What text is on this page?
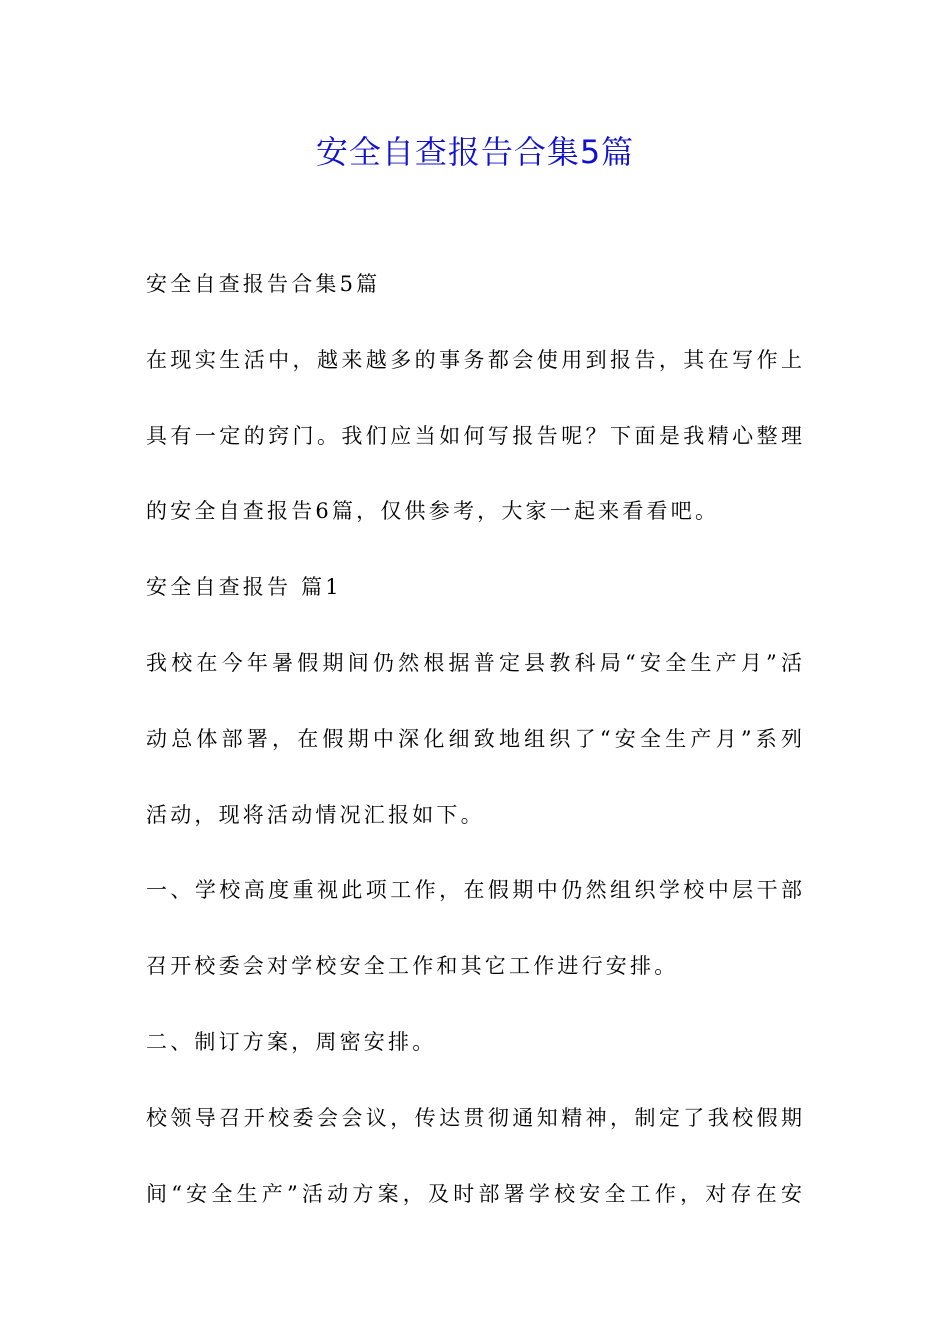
安全自查报告合集5篇

安全自查报告合集5篇

在现实生活中，越来越多的事务都会使用到报告，其在写作上

具有一定的窍门。我们应当如何写报告呢？下面是我精心整理

的安全自查报告6篇，仅供参考，大家一起来看看吧。

安全自查报告 篇1

我校在今年暑假期间仍然根据普定县教科局“安全生产月”活

动总体部署，在假期中深化细致地组织了“安全生产月”系列

活动，现将活动情况汇报如下。

一、学校高度重视此项工作，在假期中仍然组织学校中层干部

召开校委会对学校安全工作和其它工作进行安排。

二、制订方案，周密安排。

校领导召开校委会会议，传达贯彻通知精神，制定了我校假期

间“安全生产”活动方案，及时部署学校安全工作，对存在安
